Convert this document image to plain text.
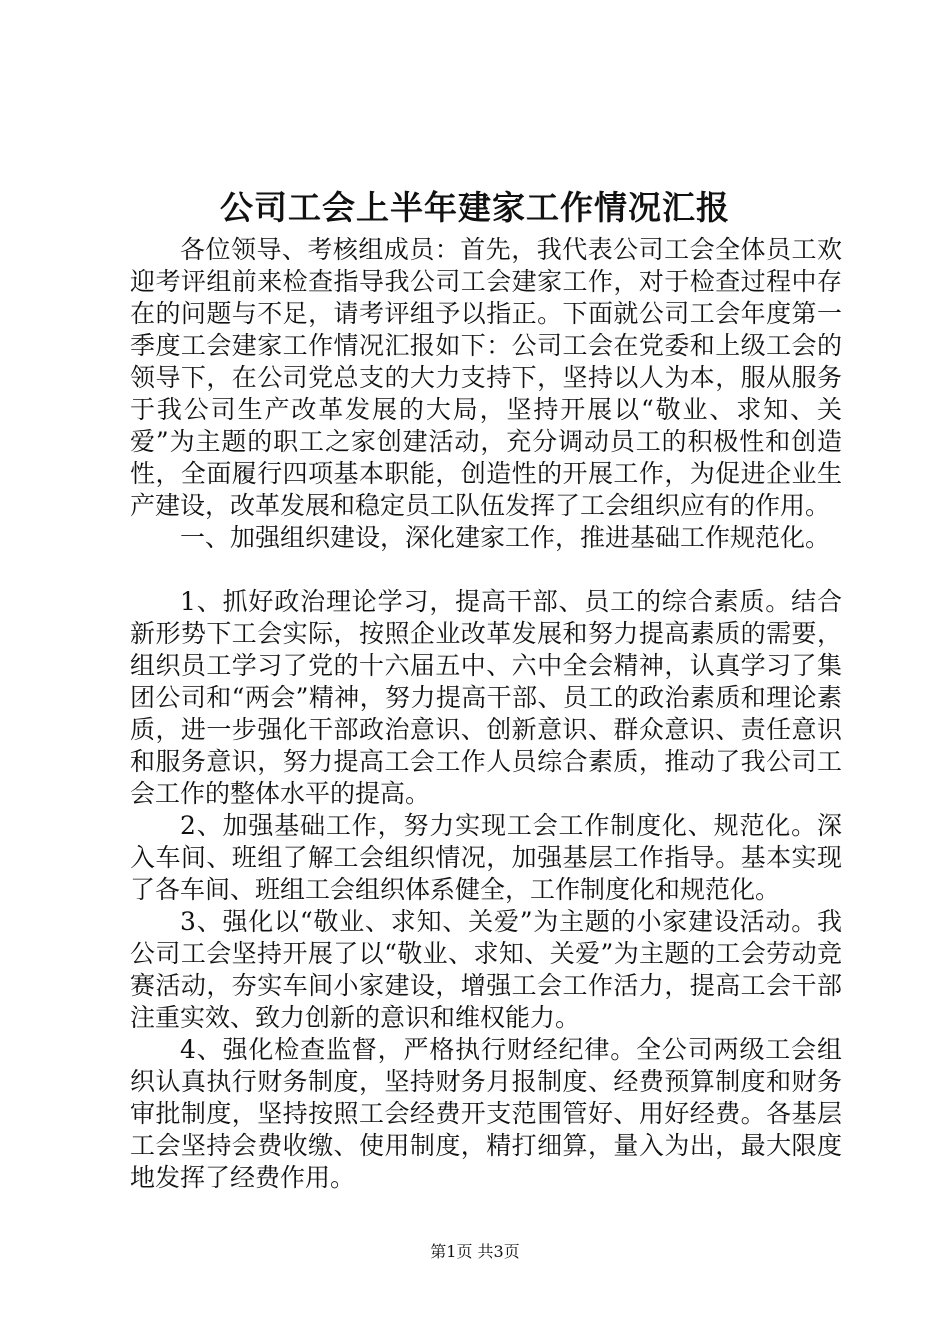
公司工会上半年建家工作情况汇报

各位领导、考核组成员：首先，我代表公司工会全体员工欢迎考评组前来检查指导我公司工会建家工作，对于检查过程中存在的问题与不足，请考评组予以指正。下面就公司工会年度第一季度工会建家工作情况汇报如下：公司工会在党委和上级工会的领导下，在公司党总支的大力支持下，坚持以人为本，服从服务于我公司生产改革发展的大局，坚持开展以“敬业、求知、关爱”为主题的职工之家创建活动，充分调动员工的积极性和创造性，全面履行四项基本职能，创造性的开展工作，为促进企业生产建设，改革发展和稳定员工队伍发挥了工会组织应有的作用。

一、加强组织建设，深化建家工作，推进基础工作规范化。

1、抓好政治理论学习，提高干部、员工的综合素质。结合新形势下工会实际，按照企业改革发展和努力提高素质的需要，组织员工学习了党的十六届五中、六中全会精神，认真学习了集团公司和“两会”精神，努力提高干部、员工的政治素质和理论素质，进一步强化干部政治意识、创新意识、群众意识、责任意识和服务意识，努力提高工会工作人员综合素质，推动了我公司工会工作的整体水平的提高。

2、加强基础工作，努力实现工会工作制度化、规范化。深入车间、班组了解工会组织情况，加强基层工作指导。基本实现了各车间、班组工会组织体系健全，工作制度化和规范化。

3、强化以“敬业、求知、关爱”为主题的小家建设活动。我公司工会坚持开展了以“敬业、求知、关爱”为主题的工会劳动竞赛活动，夯实车间小家建设，增强工会工作活力，提高工会干部注重实效、致力创新的意识和维权能力。

4、强化检查监督，严格执行财经纪律。全公司两级工会组织认真执行财务制度，坚持财务月报制度、经费预算制度和财务审批制度，坚持按照工会经费开支范围管好、用好经费。各基层工会坚持会费收缴、使用制度，精打细算，量入为出，最大限度地发挥了经费作用。

第1页 共3页
